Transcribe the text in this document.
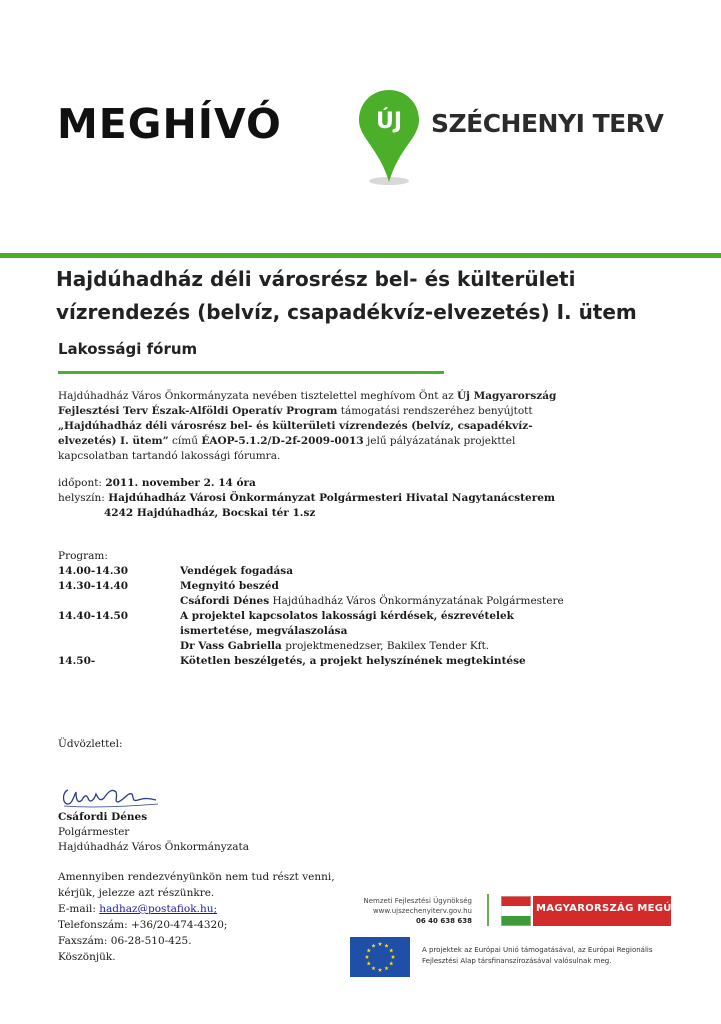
MEGHÍVÓ	ÚJ SZÉCHENYI TERV
Hajdúhadház déli városrész bel- és külterületi
vízrendezés (belvíz, csapadékvíz-elvezetés) I. ütem
Lakossági fórum
Hajdúhadház Város Önkormányzata nevében tisztelettel meghívom Önt az Új Magyarország Fejlesztési Terv Észak-Alföldi Operatív Program támogatási rendszeréhez benyújtott „Hajdúhadház déli városrész bel- és külterületi vízrendezés (belvíz, csapadékvíz-elvezetés) I. ütem” című ÉAOP-5.1.2/D-2f-2009-0013 jelű pályázatának projekttel kapcsolatban tartandó lakossági fórumra.
időpont: 2011. november 2. 14 óra
helyszín: Hajdúhadház Városi Önkormányzat Polgármesteri Hivatal Nagytanácsterem
4242 Hajdúhadház, Bocskai tér 1.sz
Program:
14.00-14.30	Vendégek fogadása
14.30-14.40	Megnyitó beszéd
Csáfordi Dénes Hajdúhadház Város Önkormányzatának Polgármestere
14.40-14.50	A projektel kapcsolatos lakossági kérdések, észrevételek ismertetése, megválaszolása
Dr Vass Gabriella projektmenedzser, Bakilex Tender Kft.
14.50-	Kötetlen beszélgetés, a projekt helyszínének megtekintése
Üdvözlettel:
Csáfordi Dénes
Polgármester
Hajdúhadház Város Önkormányzata
Amennyiben rendezvényünkön nem tud részt venni,
kérjük, jelezze azt részünkre.
E-mail: hadhaz@postafiok.hu;
Telefonszám: +36/20-474-4320;
Faxszám: 06-28-510-425.
Köszönjük.
Nemzeti Fejlesztési Ügynökség
www.ujszechenyiterv.gov.hu
06 40 638 638
MAGYARORSZÁG MEGÚJUL
A projektek az Európai Unió támogatásával, az Európai Regionális Fejlesztési Alap társfinanszírozásával valósulnak meg.
